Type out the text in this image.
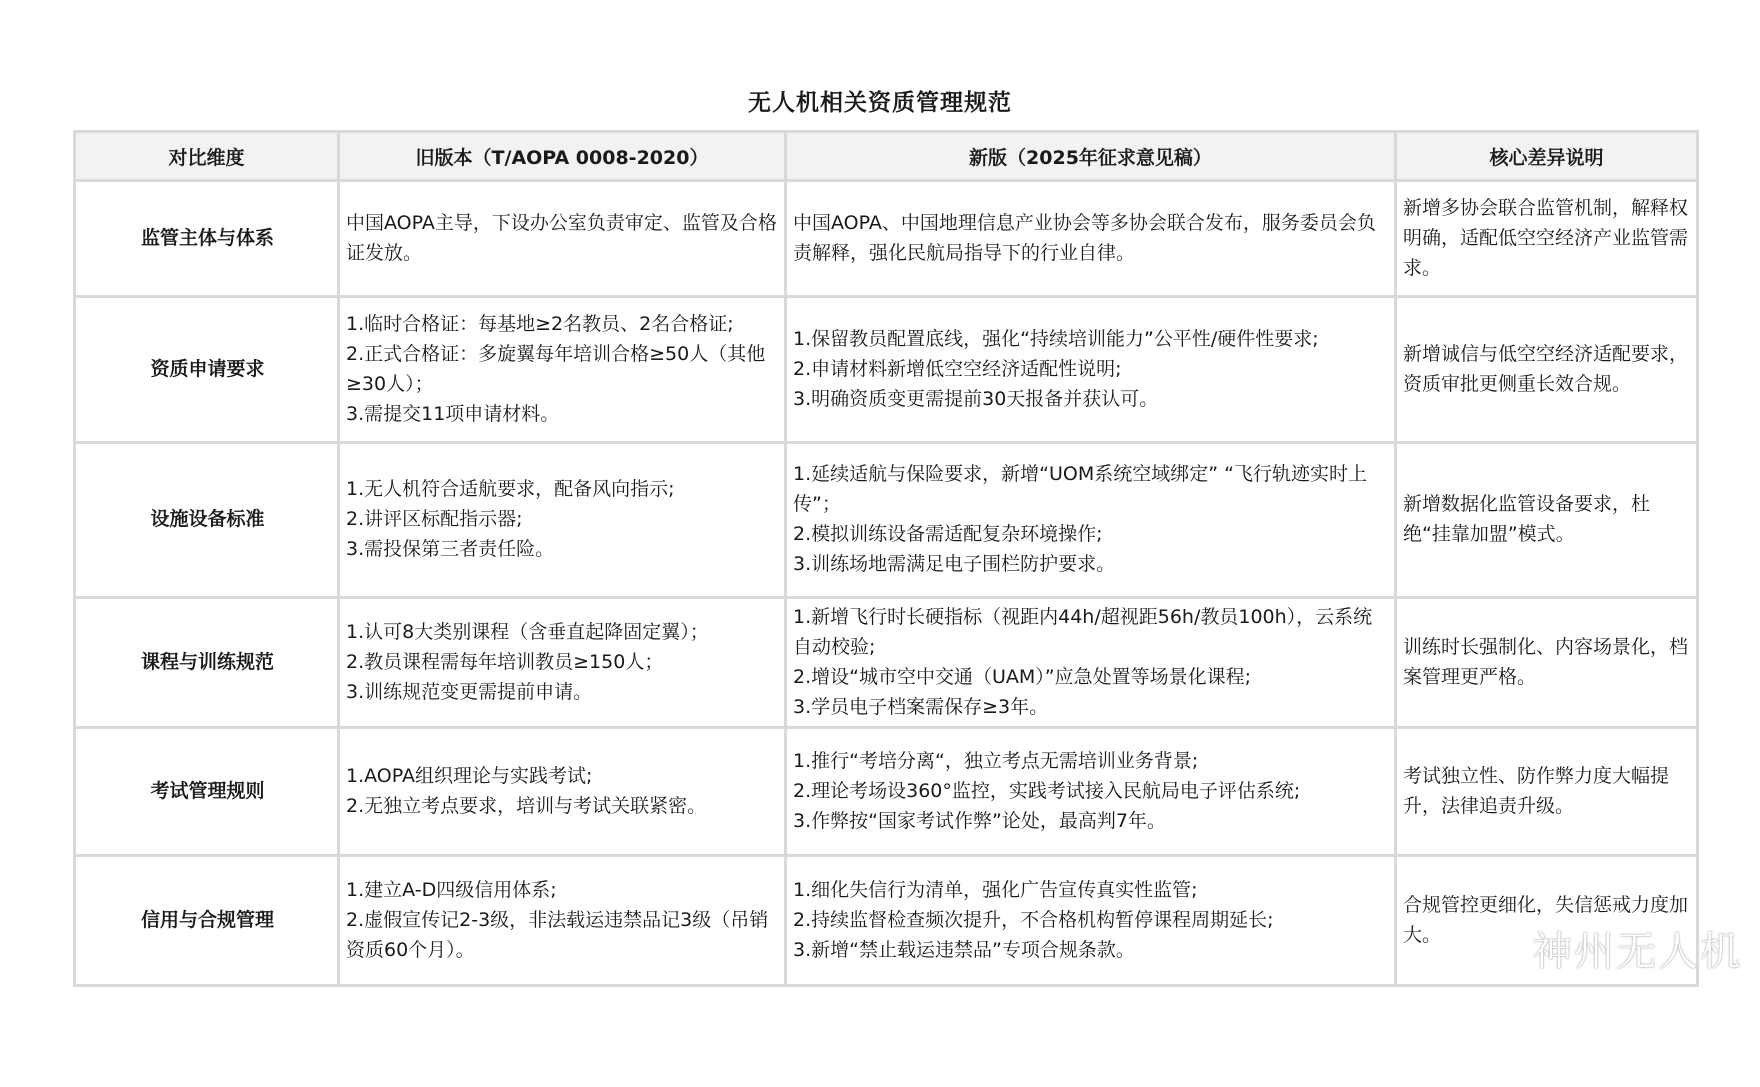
无人机相关资质管理规范
对比维度	旧版本（T/AOPA 0008-2020）	新版（2025年征求意见稿）	核心差异说明
监管主体与体系	中国AOPA主导，下设办公室负责审定、监管及合格证发放。	中国AOPA、中国地理信息产业协会等多协会联合发布，服务委员会负责解释，强化民航局指导下的行业自律。	新增多协会联合监管机制，解释权明确，适配低空空经济产业监管需求。

资质申请要求	1.临时合格证：每基地≥2名教员、2名合格证;
2.正式合格证：多旋翼每年培训合格≥50人（其他≥30人）；
3.需提交11项申请材料。	1.保留教员配置底线，强化“持续培训能力”公平性/硬件性要求;
2.申请材料新增低空空经济适配性说明;
3.明确资质变更需提前30天报备并获认可。	新增诚信与低空空经济适配要求，资质审批更侧重长效合规。

设施设备标准	1.无人机符合适航要求，配备风向指示;
2.讲评区标配指示器;
3.需投保第三者责任险。	1.延续适航与保险要求，新增“UOM系统空域绑定” “飞行轨迹实时上传”；
2.模拟训练设备需适配复杂环境操作;
3.训练场地需满足电子围栏防护要求。	新增数据化监管设备要求，杜绝“挂靠加盟”模式。

课程与训练规范	1.认可8大类别课程（含垂直起降固定翼）；
2.教员课程需每年培训教员≥150人；
3.训练规范变更需提前申请。	1.新增飞行时长硬指标（视距内44h/超视距56h/教员100h），云系统自动校验;
2.增设“城市空中交通（UAM）”应急处置等场景化课程;
3.学员电子档案需保存≥3年。	训练时长强制化、内容场景化，档案管理更严格。

考试管理规则	1.AOPA组织理论与实践考试;
2.无独立考点要求，培训与考试关联紧密。	1.推行“考培分离“，独立考点无需培训业务背景;
2.理论考场设360°监控，实践考试接入民航局电子评估系统;
3.作弊按“国家考试作弊”论处，最高判7年。	考试独立性、防作弊力度大幅提升，法律追责升级。

信用与合规管理	1.建立A-D四级信用体系;
2.虚假宣传记2-3级，非法载运违禁品记3级（吊销资质60个月）。	1.细化失信行为清单，强化广告宣传真实性监管;
2.持续监督检查频次提升，不合格机构暂停课程周期延长;
3.新增“禁止载运违禁品”专项合规条款。	合规管控更细化，失信惩戒力度加大。	神州无人机
